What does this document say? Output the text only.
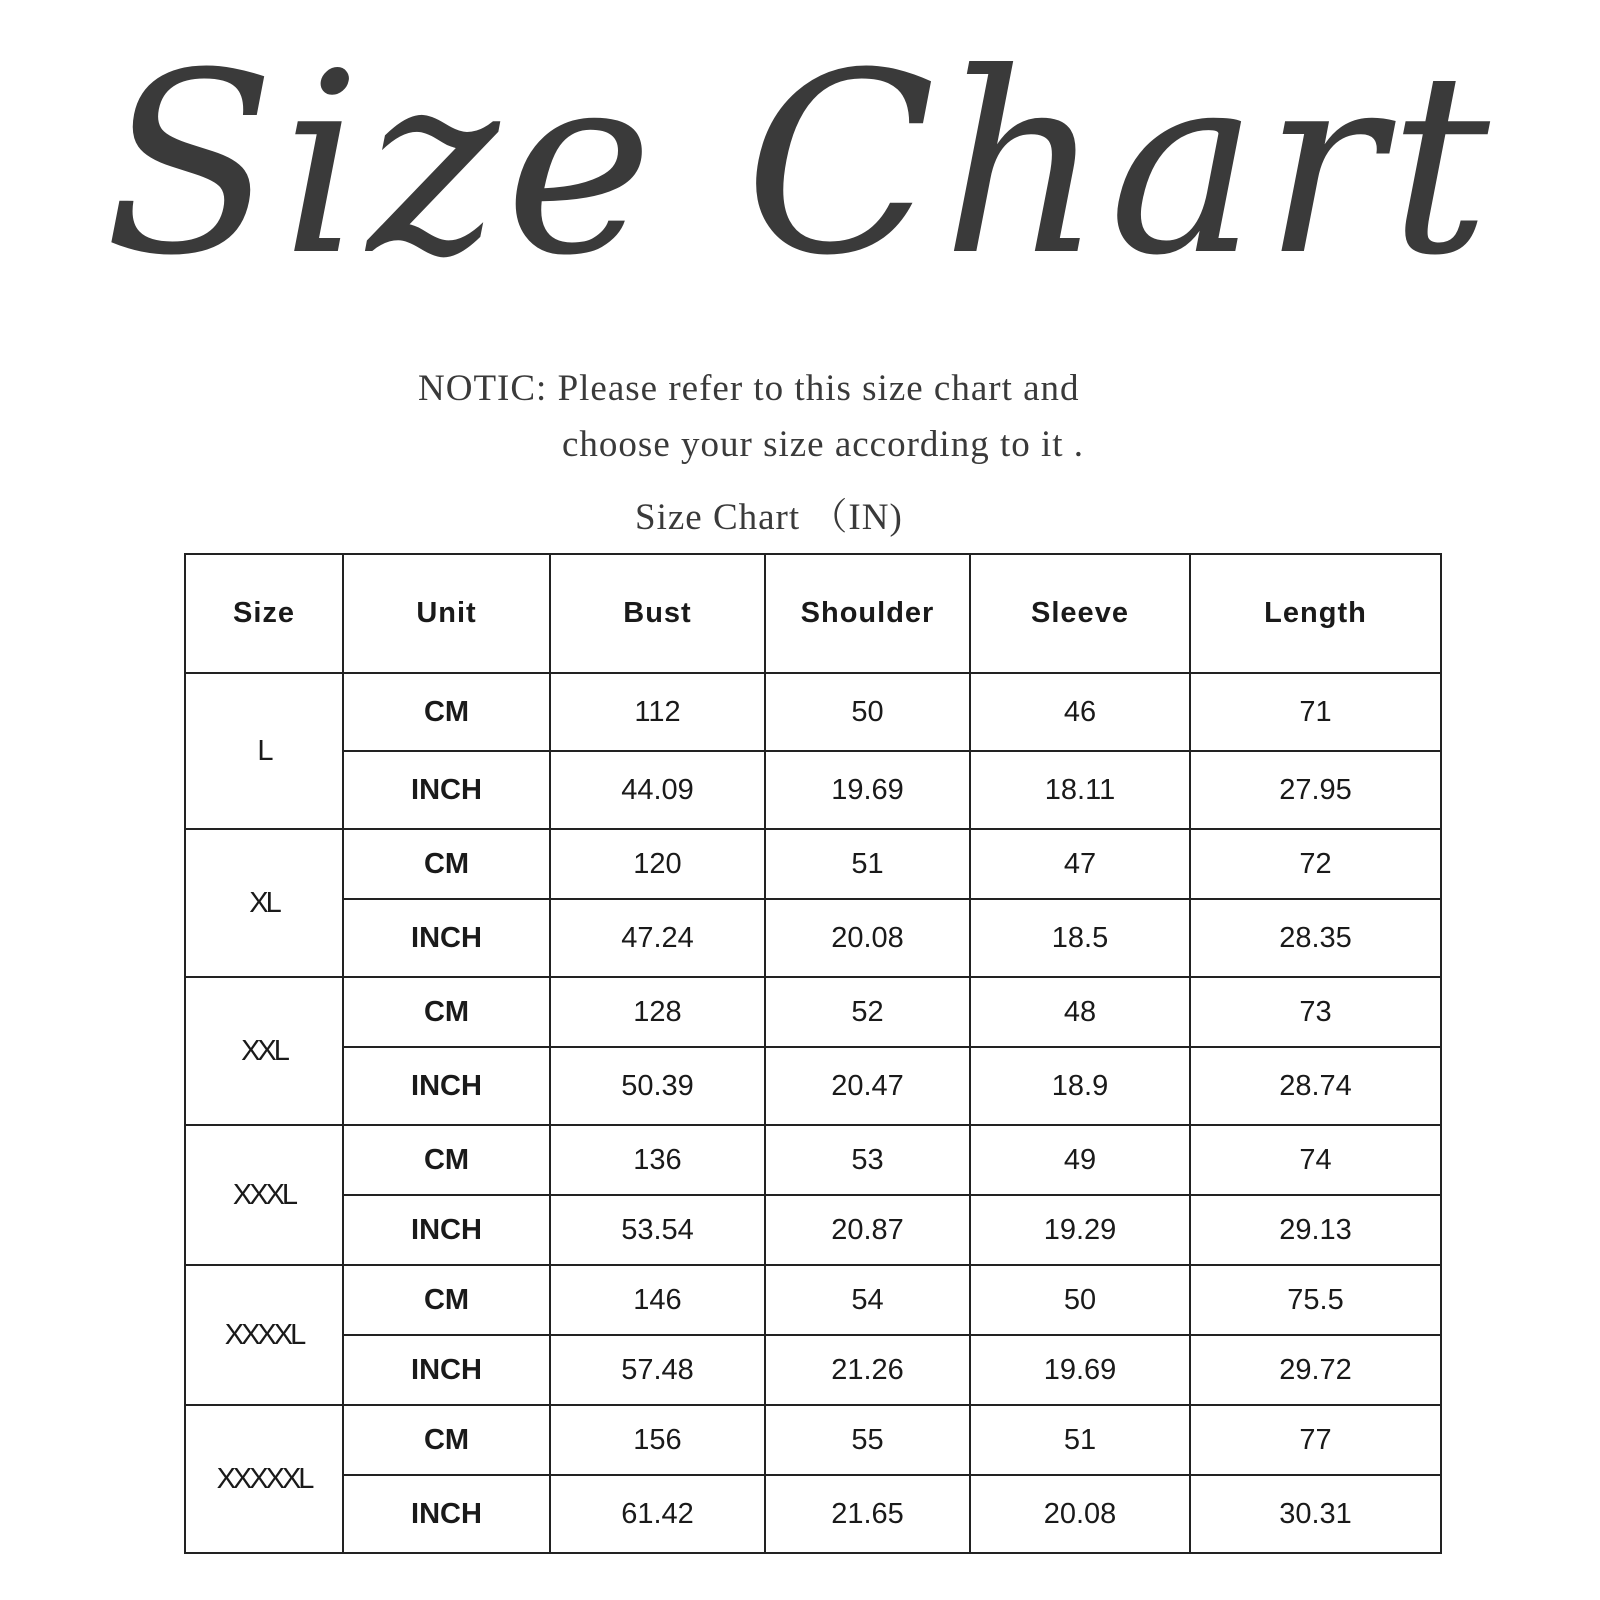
Size Chart
NOTIC: Please refer to this size chart and
choose your size according to it .
Size Chart （IN)
Size	Unit	Bust	Shoulder	Sleeve	Length
L	CM	112	50	46	71
	INCH	44.09	19.69	18.11	27.95
XL	CM	120	51	47	72
	INCH	47.24	20.08	18.5	28.35
XXL	CM	128	52	48	73
	INCH	50.39	20.47	18.9	28.74
XXXL	CM	136	53	49	74
	INCH	53.54	20.87	19.29	29.13
XXXXL	CM	146	54	50	75.5
	INCH	57.48	21.26	19.69	29.72
XXXXXL	CM	156	55	51	77
	INCH	61.42	21.65	20.08	30.31
